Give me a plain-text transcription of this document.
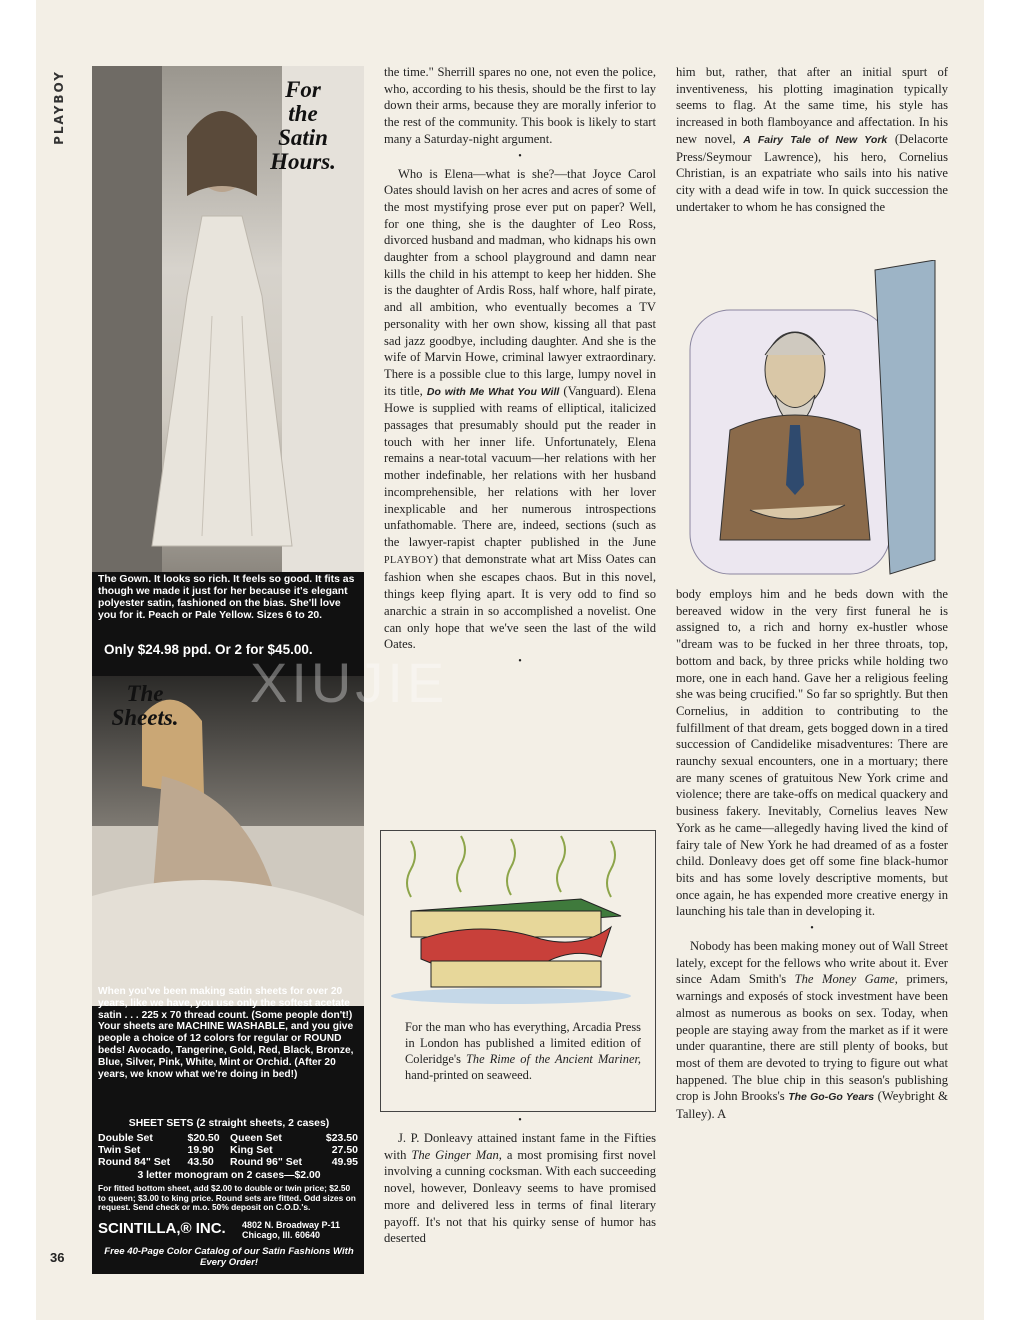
PLAYBOY
36
For
the
Satin
Hours.
The Gown. It looks so rich. It feels so good. It fits as though we made it just for her because it's elegant polyester satin, fashioned on the bias. She'll love you for it. Peach or Pale Yellow. Sizes 6 to 20.
Only $24.98 ppd. Or 2 for $45.00.
The
Sheets.
When you've been making satin sheets for over 20 years, like we have, you use only the softest acetate satin . . . 225 x 70 thread count. (Some people don't!) Your sheets are MACHINE WASHABLE, and you give people a choice of 12 colors for regular or ROUND beds! Avocado, Tangerine, Gold, Red, Black, Bronze, Blue, Silver, Pink, White, Mint or Orchid. (After 20 years, we know what we're doing in bed!)
SHEET SETS (2 straight sheets, 2 cases)
Double Set	$20.50	Queen Set	$23.50
Twin Set	19.90	King Set	27.50
Round 84" Set	43.50	Round 96" Set	49.95
3 letter monogram on 2 cases—$2.00
For fitted bottom sheet, add $2.00 to double or twin price; $2.50 to queen; $3.00 to king price. Round sets are fitted. Odd sizes on request. Send check or m.o. 50% deposit on C.O.D.'s.
SCINTILLA,® INC.	4802 N. Broadway P-11
Chicago, Ill. 60640
Free 40-Page Color Catalog of our Satin Fashions With Every Order!

the time." Sherrill spares no one, not even the police, who, according to his thesis, should be the first to lay down their arms, because they are morally inferior to the rest of the community. This book is likely to start many a Saturday-night argument.

•

Who is Elena—what is she?—that Joyce Carol Oates should lavish on her acres and acres of some of the most mystifying prose ever put on paper? Well, for one thing, she is the daughter of Leo Ross, divorced husband and madman, who kidnaps his own daughter from a school playground and damn near kills the child in his attempt to keep her hidden. She is the daughter of Ardis Ross, half whore, half pirate, and all ambition, who eventually becomes a TV personality with her own show, kissing all that past sad jazz goodbye, including daughter. And she is the wife of Marvin Howe, criminal lawyer extraordinary. There is a possible clue to this large, lumpy novel in its title, Do with Me What You Will (Vanguard). Elena Howe is supplied with reams of elliptical, italicized passages that presumably should put the reader in touch with her inner life. Unfortunately, Elena remains a near-total vacuum—her relations with her mother indefinable, her relations with her husband incomprehensible, her relations with her lover inexplicable and her numerous introspections unfathomable. There are, indeed, sections (such as the lawyer-rapist chapter published in the June PLAYBOY) that demonstrate what art Miss Oates can fashion when she escapes chaos. But in this novel, things keep flying apart. It is very odd to find so anarchic a strain in so accomplished a novelist. One can only hope that we've seen the last of the wild Oates.

•
For the man who has everything, Arcadia Press in London has published a limited edition of Coleridge's The Rime of the Ancient Mariner, hand-printed on seaweed.
•

J. P. Donleavy attained instant fame in the Fifties with The Ginger Man, a most promising first novel involving a cunning cocksman. With each succeeding novel, however, Donleavy seems to have promised more and delivered less in terms of final literary payoff. It's not that his quirky sense of humor has deserted

him but, rather, that after an initial spurt of inventiveness, his plotting imagination typically seems to flag. At the same time, his style has increased in both flamboyance and affectation. In his new novel, A Fairy Tale of New York (Delacorte Press/Seymour Lawrence), his hero, Cornelius Christian, is an expatriate who sails into his native city with a dead wife in tow. In quick succession the undertaker to whom he has consigned the

body employs him and he beds down with the bereaved widow in the very first funeral he is assigned to, a rich and horny ex-hustler whose "dream was to be fucked in her three throats, top, bottom and back, by three pricks while holding two more, one in each hand. Gave her a religious feeling she was being crucified." So far so sprightly. But then Cornelius, in addition to contributing to the fulfillment of that dream, gets bogged down in a tired succession of Candidelike misadventures: There are raunchy sexual encounters, one in a mortuary; there are many scenes of gratuitous New York crime and violence; there are take-offs on medical quackery and business fakery. Inevitably, Cornelius leaves New York as he came—allegedly having lived the kind of fairy tale of New York he had dreamed of as a foster child. Donleavy does get off some fine black-humor bits and has some lovely descriptive moments, but once again, he has expended more creative energy in launching his tale than in developing it.

•

Nobody has been making money out of Wall Street lately, except for the fellows who write about it. Ever since Adam Smith's The Money Game, primers, warnings and exposés of stock investment have been almost as numerous as books on sex. Today, when people are staying away from the market as if it were under quarantine, there are still plenty of books, but most of them are devoted to trying to figure out what happened. The blue chip in this season's publishing crop is John Brooks's The Go-Go Years (Weybright & Talley). A

XIUJIE
